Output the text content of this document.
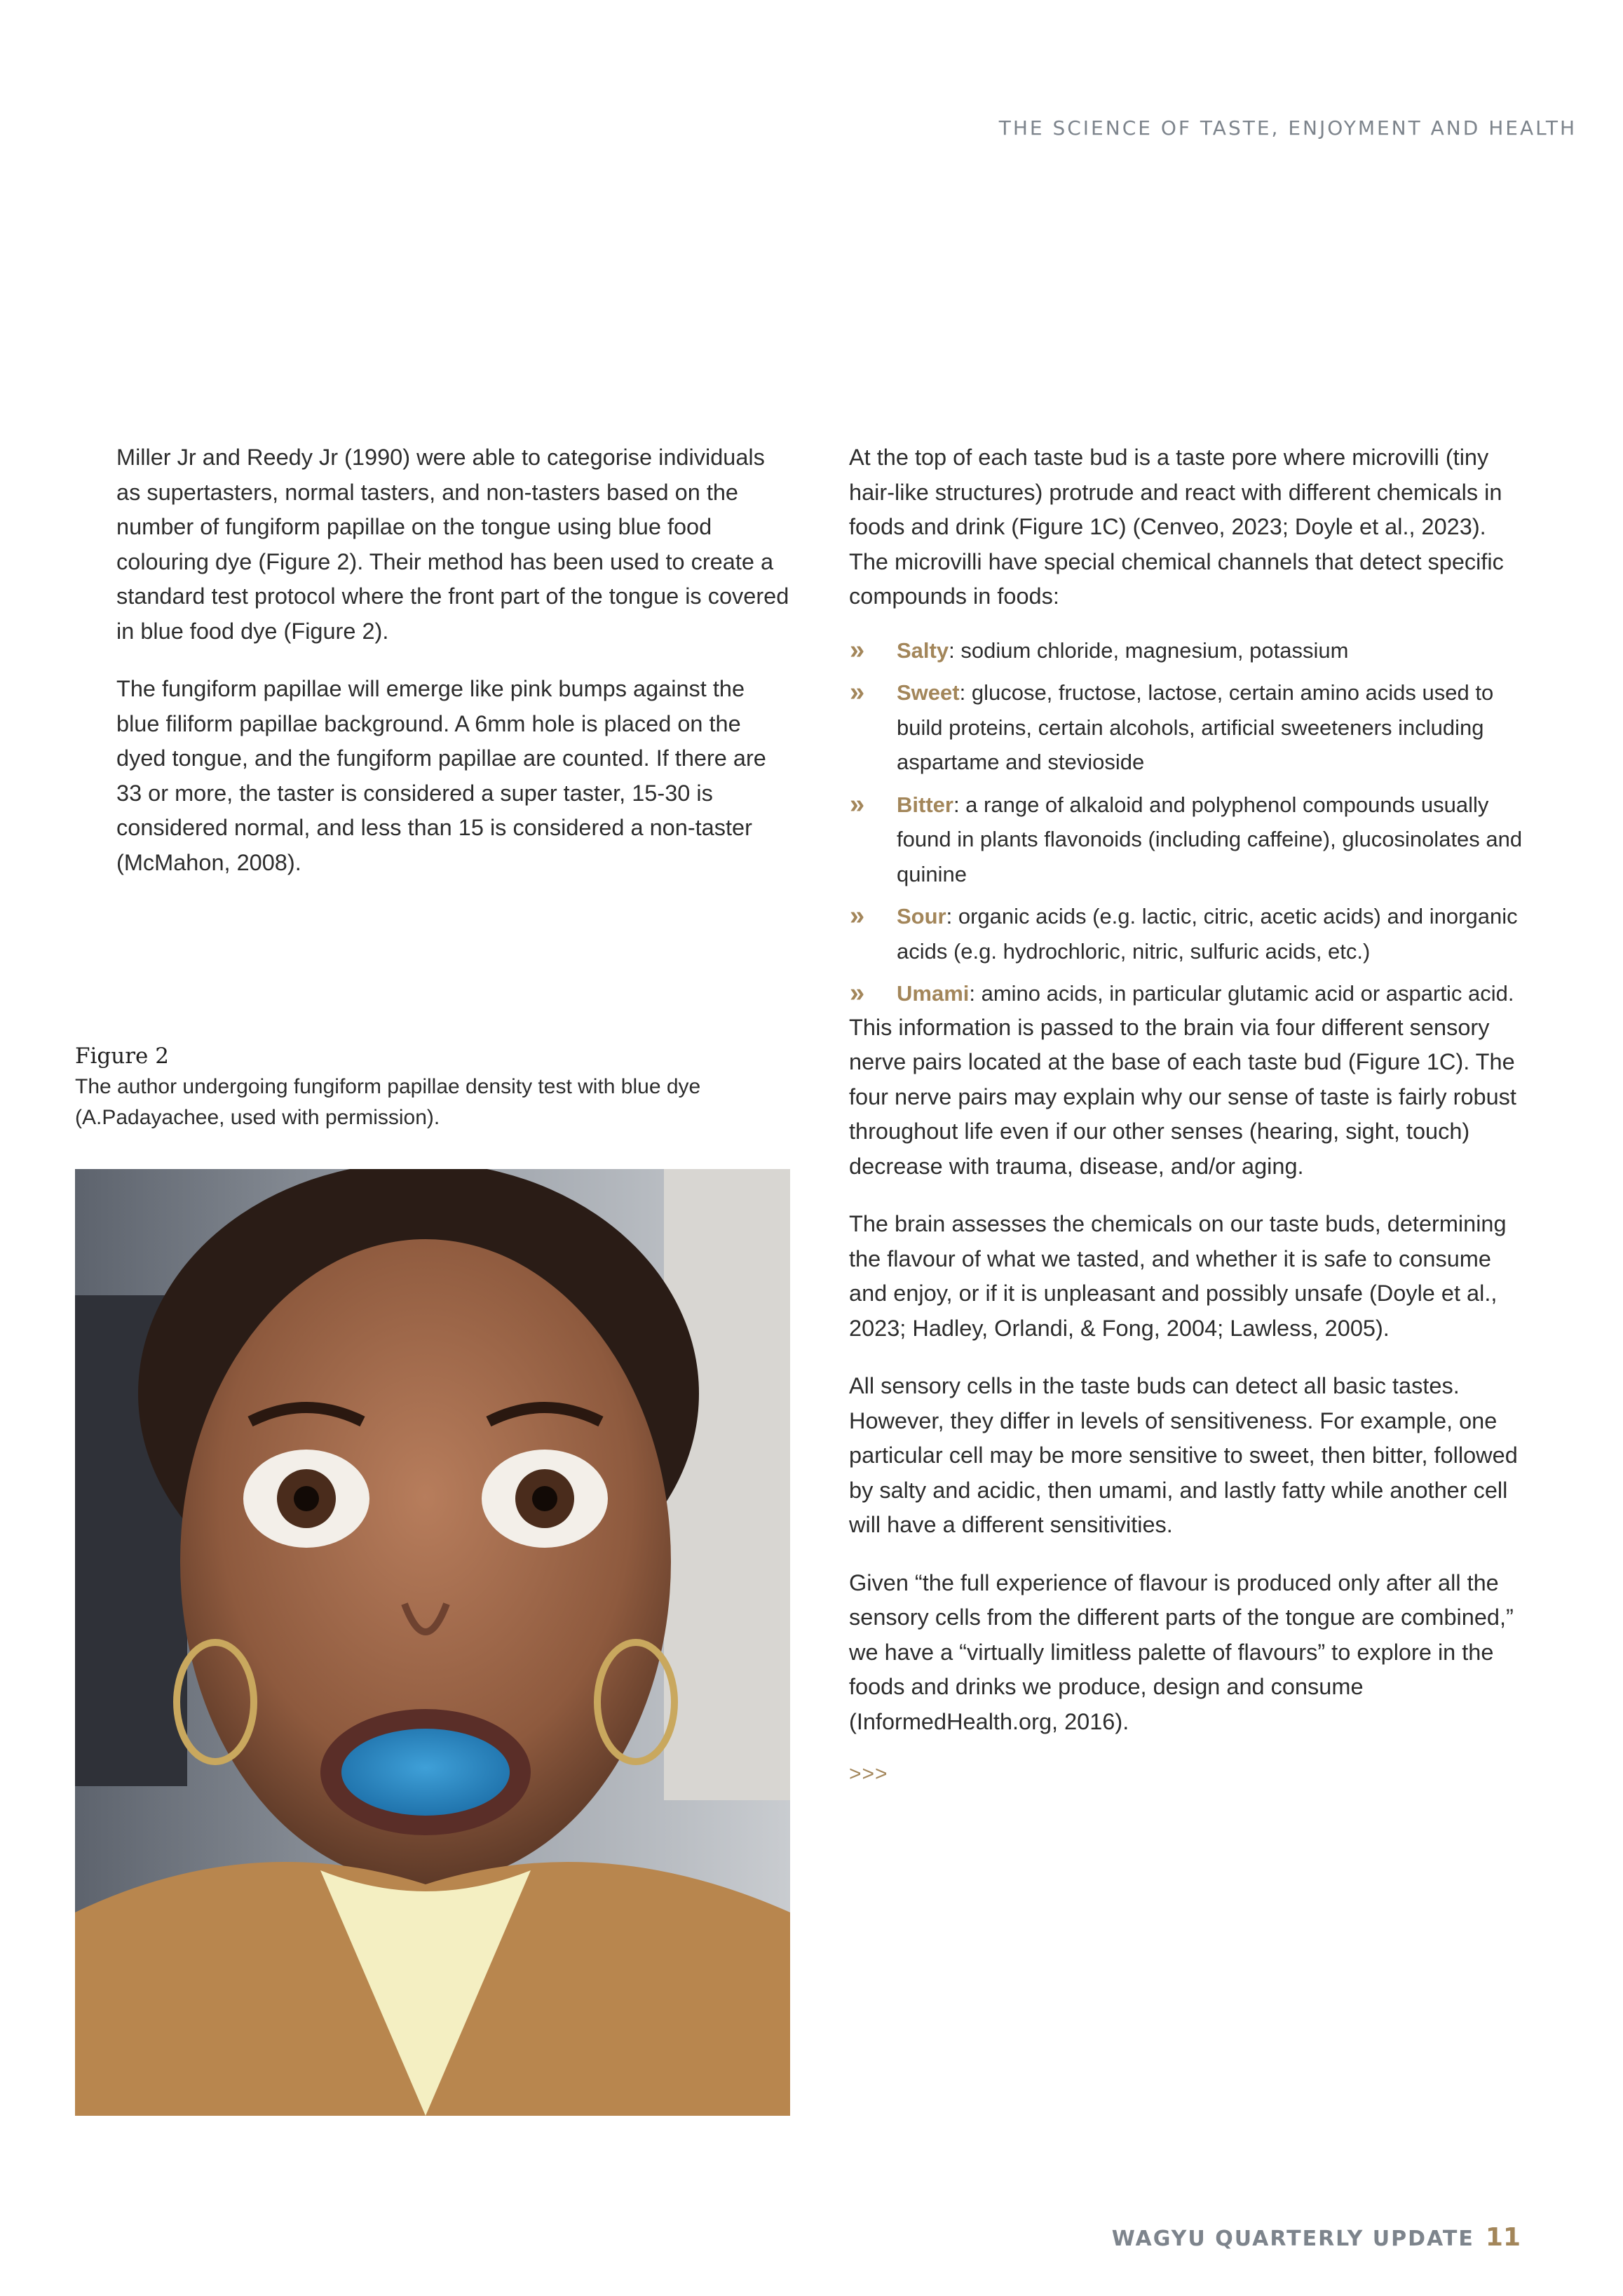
THE SCIENCE OF TASTE, ENJOYMENT AND HEALTH

Miller Jr and Reedy Jr (1990) were able to categorise individuals as supertasters, normal tasters, and non-tasters based on the number of fungiform papillae on the tongue using blue food colouring dye (Figure 2). Their method has been used to create a standard test protocol where the front part of the tongue is covered in blue food dye (Figure 2).

The fungiform papillae will emerge like pink bumps against the blue filiform papillae background. A 6mm hole is placed on the dyed tongue, and the fungiform papillae are counted. If there are 33 or more, the taster is considered a super taster, 15-30 is considered normal, and less than 15 is considered a non-taster (McMahon, 2008).

Figure 2
The author undergoing fungiform papillae density test with blue dye (A.Padayachee, used with permission).

At the top of each taste bud is a taste pore where microvilli (tiny hair-like structures) protrude and react with different chemicals in foods and drink (Figure 1C) (Cenveo, 2023; Doyle et al., 2023). The microvilli have special chemical channels that detect specific compounds in foods:

» Salty: sodium chloride, magnesium, potassium
» Sweet: glucose, fructose, lactose, certain amino acids used to build proteins, certain alcohols, artificial sweeteners including aspartame and stevioside
» Bitter: a range of alkaloid and polyphenol compounds usually found in plants flavonoids (including caffeine), glucosinolates and quinine
» Sour: organic acids (e.g. lactic, citric, acetic acids) and inorganic acids (e.g. hydrochloric, nitric, sulfuric acids, etc.)
» Umami: amino acids, in particular glutamic acid or aspartic acid.

This information is passed to the brain via four different sensory nerve pairs located at the base of each taste bud (Figure 1C). The four nerve pairs may explain why our sense of taste is fairly robust throughout life even if our other senses (hearing, sight, touch) decrease with trauma, disease, and/or aging.

The brain assesses the chemicals on our taste buds, determining the flavour of what we tasted, and whether it is safe to consume and enjoy, or if it is unpleasant and possibly unsafe (Doyle et al., 2023; Hadley, Orlandi, & Fong, 2004; Lawless, 2005).

All sensory cells in the taste buds can detect all basic tastes. However, they differ in levels of sensitiveness. For example, one particular cell may be more sensitive to sweet, then bitter, followed by salty and acidic, then umami, and lastly fatty while another cell will have a different sensitivities.

Given “the full experience of flavour is produced only after all the sensory cells from the different parts of the tongue are combined,” we have a “virtually limitless palette of flavours” to explore in the foods and drinks we produce, design and consume (InformedHealth.org, 2016).

>>>
WAGYU QUARTERLY UPDATE 11
